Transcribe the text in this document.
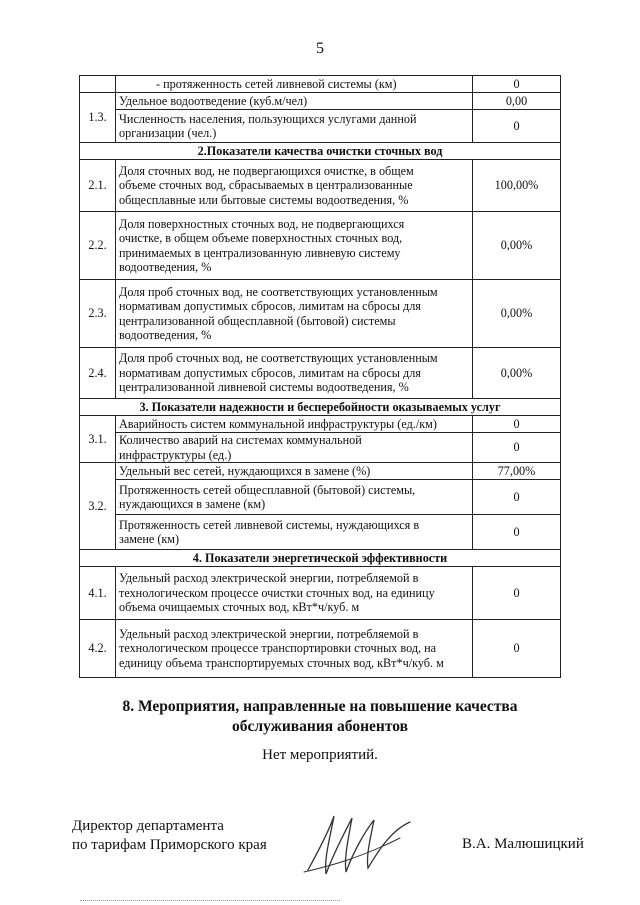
5
	- протяженность сетей ливневой системы (км)	0
1.3.	Удельное водоотведение (куб.м/чел)	0,00
	Численность населения, пользующихся услугами данной
организации (чел.)	0
2.Показатели качества очистки сточных вод		
2.1.	Доля сточных вод, не подвергающихся очистке, в общем
объеме сточных вод, сбрасываемых в централизованные
общесплавные или бытовые системы водоотведения, %	100,00%
2.2.	Доля поверхностных сточных вод, не подвергающихся
очистке, в общем объеме поверхностных сточных вод,
принимаемых в централизованную ливневую систему
водоотведения, %	0,00%
2.3.	Доля проб сточных вод, не соответствующих установленным
нормативам допустимых сбросов, лимитам на сбросы для
централизованной общесплавной (бытовой) системы
водоотведения, %	0,00%
2.4.	Доля проб сточных вод, не соответствующих установленным
нормативам допустимых сбросов, лимитам на сбросы для
централизованной ливневой системы водоотведения, %	0,00%
3. Показатели надежности и бесперебойности оказываемых услуг		
3.1.	Аварийность систем коммунальной инфраструктуры (ед./км)	0
	Количество аварий на системах коммунальной
инфраструктуры (ед.)	0
3.2.	Удельный вес сетей, нуждающихся в замене (%)	77,00%
	Протяженность сетей общесплавной (бытовой) системы,
нуждающихся в замене (км)	0
	Протяженность сетей ливневой системы, нуждающихся в
замене (км)	0
4. Показатели энергетической эффективности		
4.1.	Удельный расход электрической энергии, потребляемой в
технологическом процессе очистки сточных вод, на единицу
объема очищаемых сточных вод, кВт*ч/куб. м	0
4.2.	Удельный расход электрической энергии, потребляемой в
технологическом процессе транспортировки сточных вод, на
единицу объема транспортируемых сточных вод, кВт*ч/куб. м	0
8. Мероприятия, направленные на повышение качества
обслуживания абонентов
Нет мероприятий.
Директор департамента
по тарифам Приморского края	В.А. Малюшицкий
